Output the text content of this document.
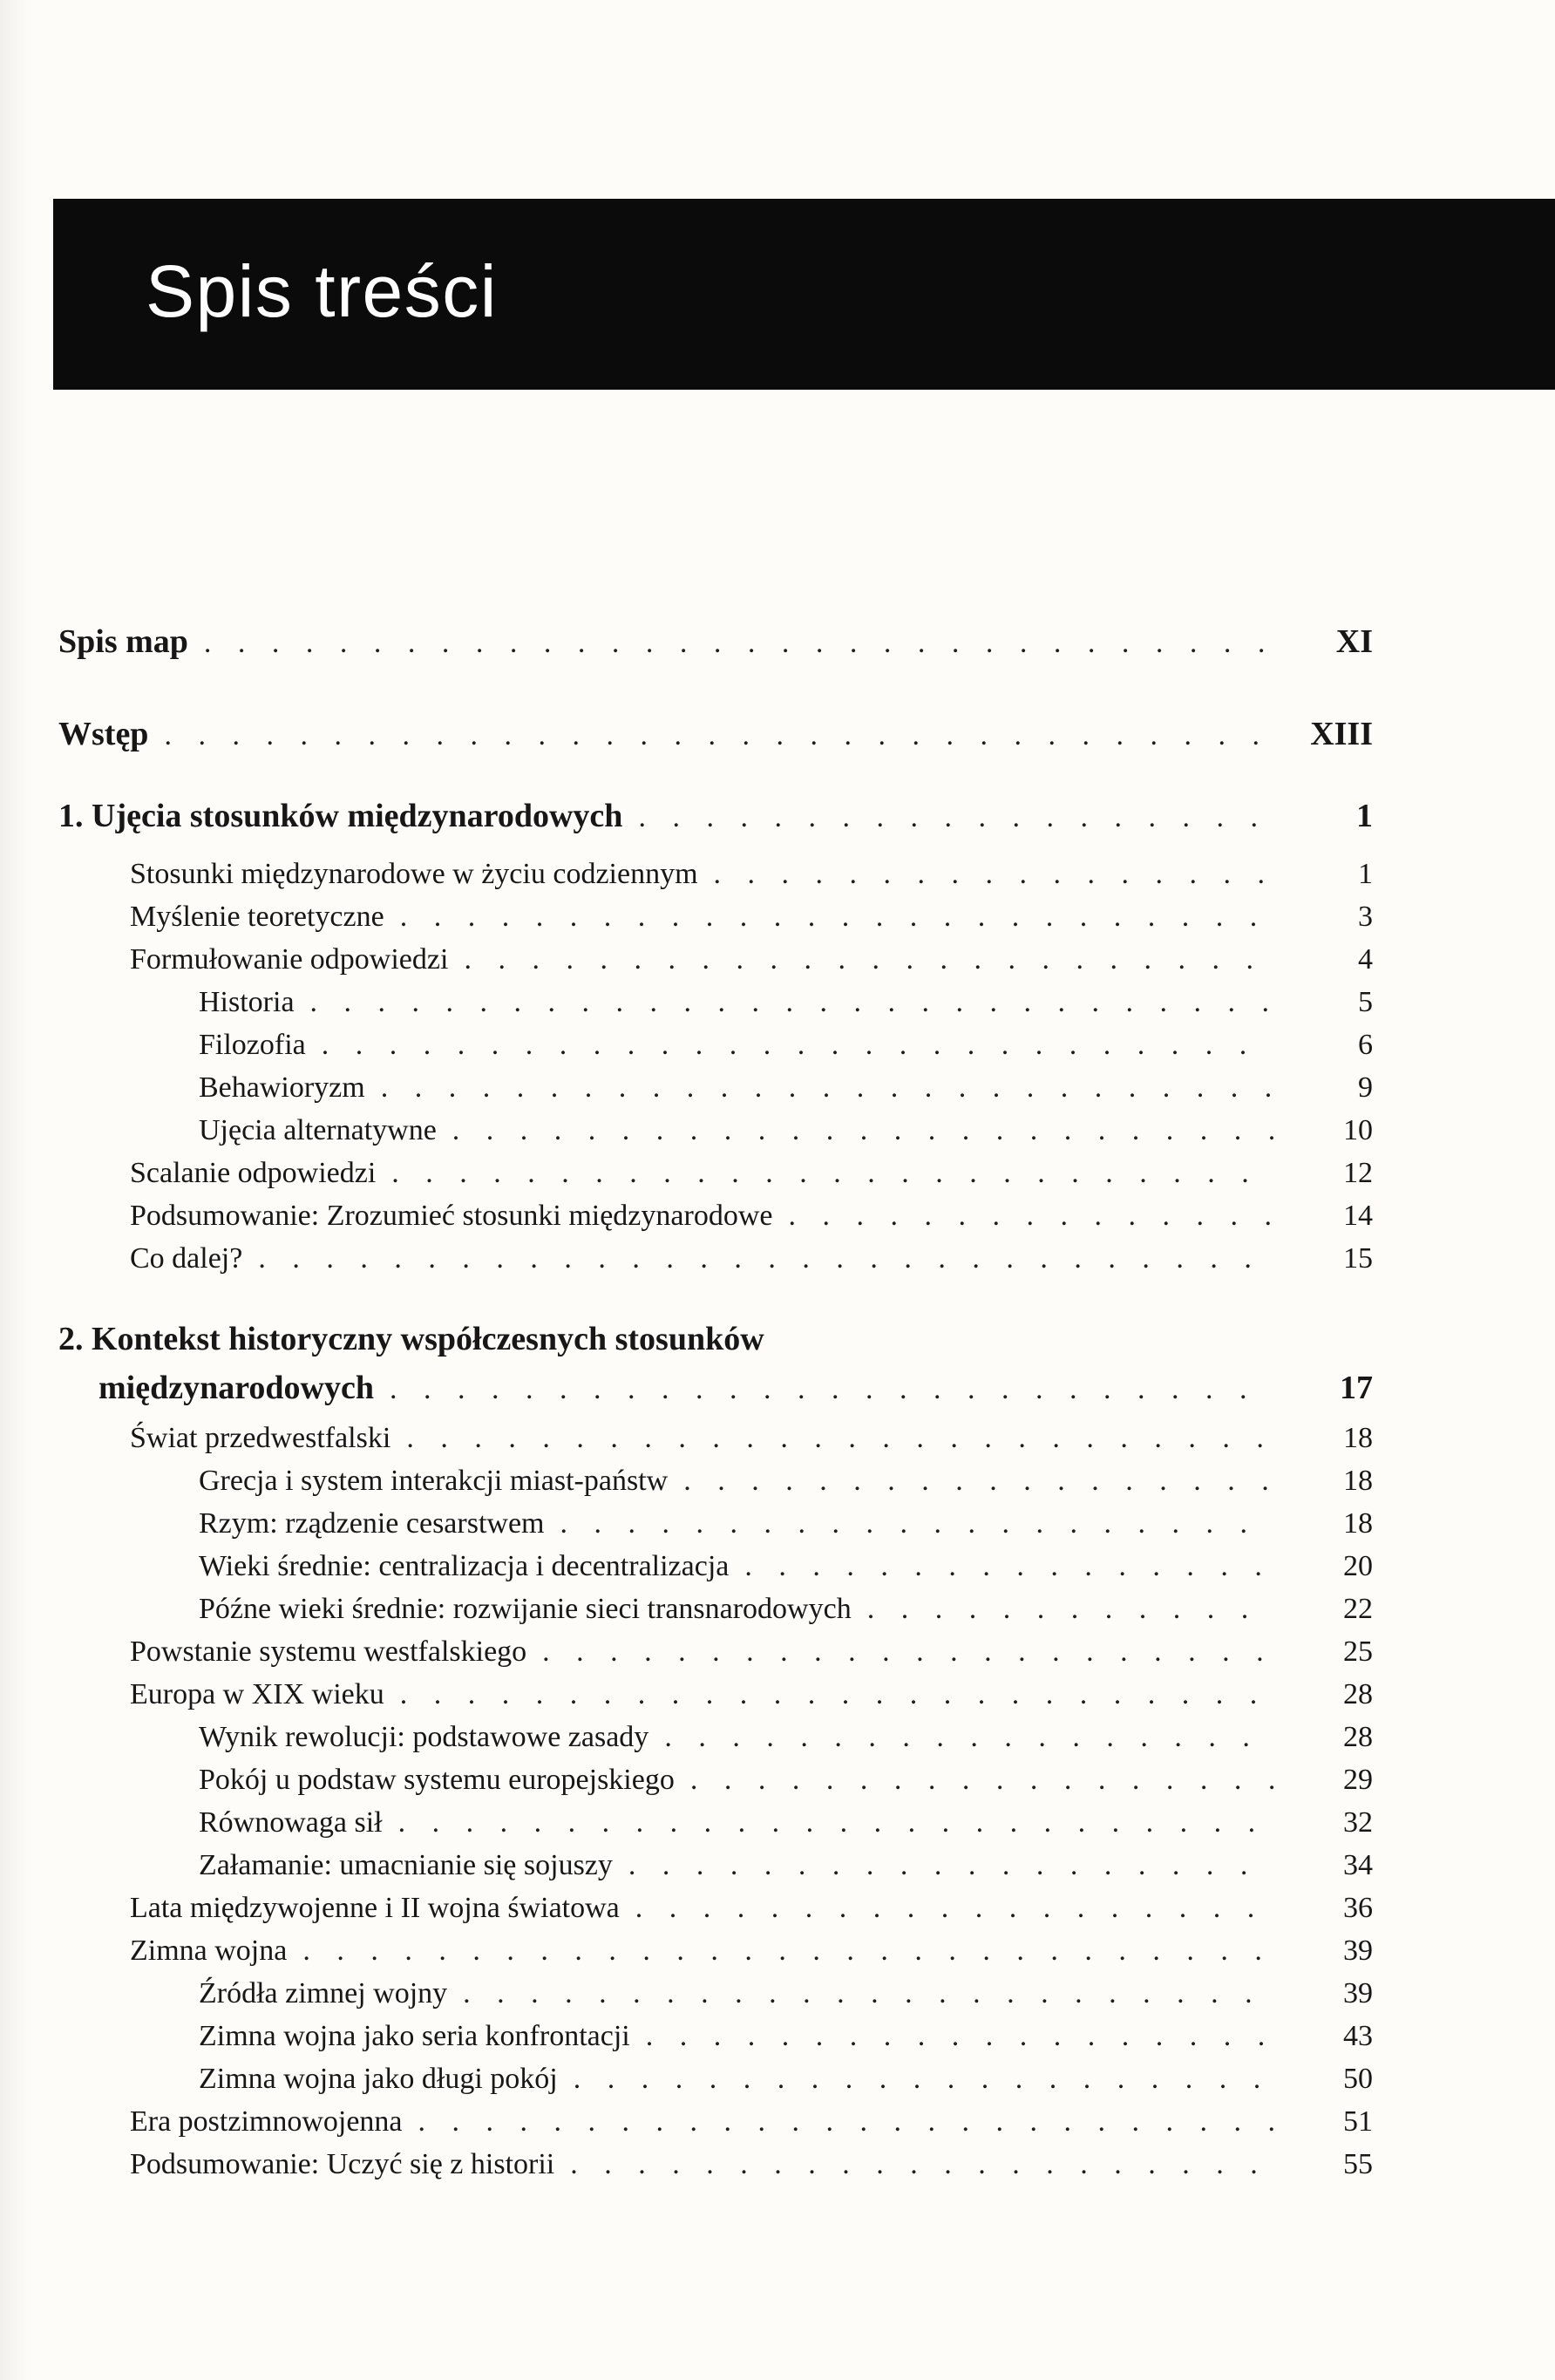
Spis treści
Spis map . . .	XI
Wstęp . . .	XIII
1. Ujęcia stosunków międzynarodowych . . .	1
Stosunki międzynarodowe w życiu codziennym . . .	1
Myślenie teoretyczne . . .	3
Formułowanie odpowiedzi . . .	4
Historia . . .	5
Filozofia . . .	6
Behawioryzm . . .	9
Ujęcia alternatywne . . .	10
Scalanie odpowiedzi . . .	12
Podsumowanie: Zrozumieć stosunki międzynarodowe . . .	14
Co dalej? . . .	15
2. Kontekst historyczny współczesnych stosunków
międzynarodowych . . .	17
Świat przedwestfalski . . .	18
Grecja i system interakcji miast-państw . . .	18
Rzym: rządzenie cesarstwem . . .	18
Wieki średnie: centralizacja i decentralizacja . . .	20
Późne wieki średnie: rozwijanie sieci transnarodowych . . .	22
Powstanie systemu westfalskiego . . .	25
Europa w XIX wieku . . .	28
Wynik rewolucji: podstawowe zasady . . .	28
Pokój u podstaw systemu europejskiego . . .	29
Równowaga sił . . .	32
Załamanie: umacnianie się sojuszy . . .	34
Lata międzywojenne i II wojna światowa . . .	36
Zimna wojna . . .	39
Źródła zimnej wojny . . .	39
Zimna wojna jako seria konfrontacji . . .	43
Zimna wojna jako długi pokój . . .	50
Era postzimnowojenna . . .	51
Podsumowanie: Uczyć się z historii . . .	55
